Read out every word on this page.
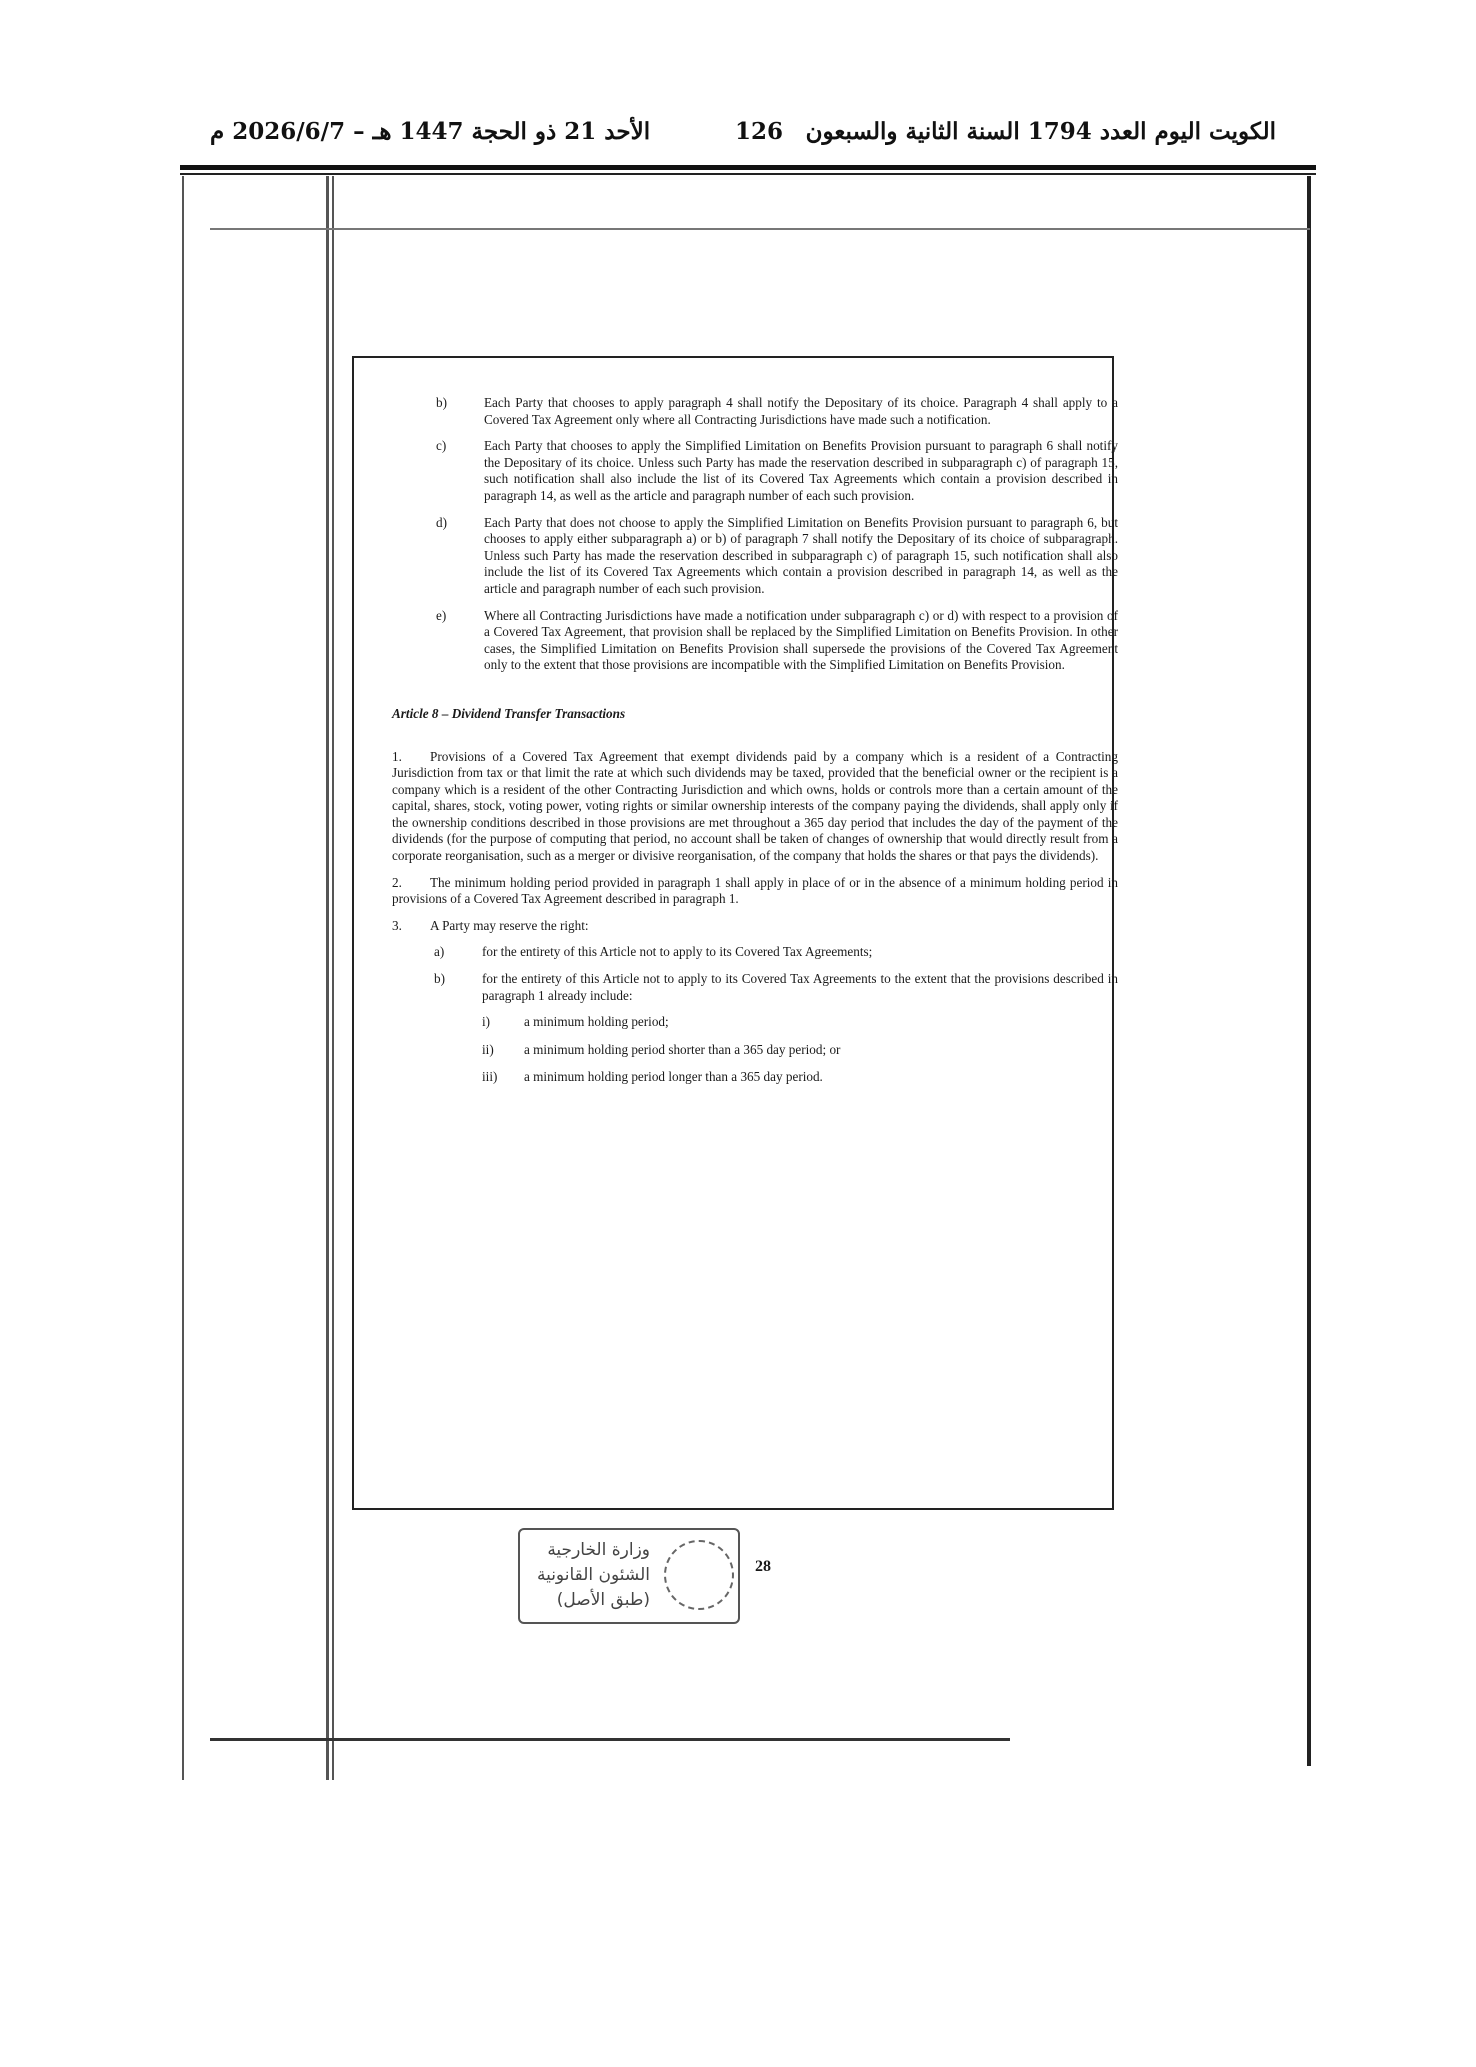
الكويت اليوم العدد 1794 السنة الثانية والسبعون
126
الأحد 21 ذو الحجة 1447 هـ – 2026/6/7 م
b)	Each Party that chooses to apply paragraph 4 shall notify the Depositary of its choice. Paragraph 4 shall apply to a Covered Tax Agreement only where all Contracting Jurisdictions have made such a notification.
c)	Each Party that chooses to apply the Simplified Limitation on Benefits Provision pursuant to paragraph 6 shall notify the Depositary of its choice. Unless such Party has made the reservation described in subparagraph c) of paragraph 15, such notification shall also include the list of its Covered Tax Agreements which contain a provision described in paragraph 14, as well as the article and paragraph number of each such provision.
d)	Each Party that does not choose to apply the Simplified Limitation on Benefits Provision pursuant to paragraph 6, but chooses to apply either subparagraph a) or b) of paragraph 7 shall notify the Depositary of its choice of subparagraph. Unless such Party has made the reservation described in subparagraph c) of paragraph 15, such notification shall also include the list of its Covered Tax Agreements which contain a provision described in paragraph 14, as well as the article and paragraph number of each such provision.
e)	Where all Contracting Jurisdictions have made a notification under subparagraph c) or d) with respect to a provision of a Covered Tax Agreement, that provision shall be replaced by the Simplified Limitation on Benefits Provision. In other cases, the Simplified Limitation on Benefits Provision shall supersede the provisions of the Covered Tax Agreement only to the extent that those provisions are incompatible with the Simplified Limitation on Benefits Provision.
Article 8 – Dividend Transfer Transactions
1. Provisions of a Covered Tax Agreement that exempt dividends paid by a company which is a resident of a Contracting Jurisdiction from tax or that limit the rate at which such dividends may be taxed, provided that the beneficial owner or the recipient is a company which is a resident of the other Contracting Jurisdiction and which owns, holds or controls more than a certain amount of the capital, shares, stock, voting power, voting rights or similar ownership interests of the company paying the dividends, shall apply only if the ownership conditions described in those provisions are met throughout a 365 day period that includes the day of the payment of the dividends (for the purpose of computing that period, no account shall be taken of changes of ownership that would directly result from a corporate reorganisation, such as a merger or divisive reorganisation, of the company that holds the shares or that pays the dividends).
2. The minimum holding period provided in paragraph 1 shall apply in place of or in the absence of a minimum holding period in provisions of a Covered Tax Agreement described in paragraph 1.
3.	A Party may reserve the right:
a)	for the entirety of this Article not to apply to its Covered Tax Agreements;
b)	for the entirety of this Article not to apply to its Covered Tax Agreements to the extent that the provisions described in paragraph 1 already include:
i)	a minimum holding period;
ii)	a minimum holding period shorter than a 365 day period; or
iii)	a minimum holding period longer than a 365 day period.
وزارة الخارجية
الشئون القانونية
(طبق الأصل)
28
